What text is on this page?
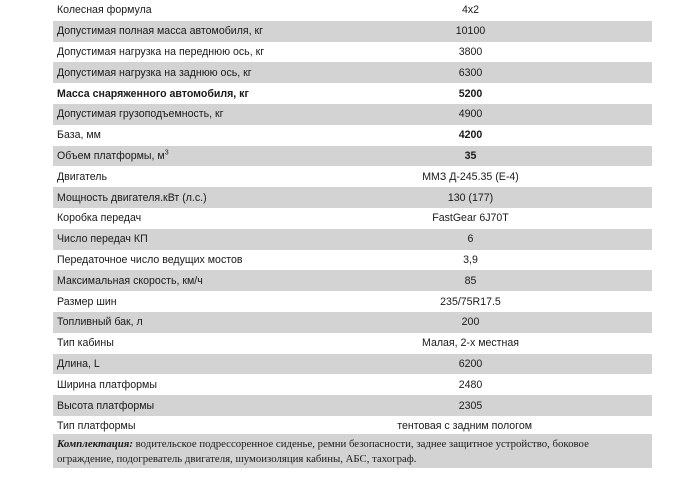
Колесная формула	4x2
Допустимая полная масса автомобиля, кг	10100
Допустимая нагрузка на переднюю ось, кг	3800
Допустимая нагрузка на заднюю ось, кг	6300
Масса снаряженного автомобиля, кг	5200
Допустимая грузоподъемность, кг	4900
База, мм	4200
Объем платформы, $м^3$	35
Двигатель	ММЗ Д-245.35 (Е-4)
Мощность двигателя.кВт (л.с.)	130 (177)
Коробка передач	FastGear 6J70T
Число передач КП	6
Передаточное число ведущих мостов	3,9
Максимальная скорость, км/ч	85
Размер шин	235/75R17.5
Топливный бак, л	200
Тип кабины	Малая, 2-х местная
Длина, L	6200
Ширина платформы	2480
Высота платформы	2305
Тип платформы	тентовая с задним пологом
Комплектация: водительское подрессоренное сиденье, ремни безопасности, заднее защитное устройство, боковое ограждение, подогреватель двигателя, шумоизоляция кабины, АБС, тахограф.
